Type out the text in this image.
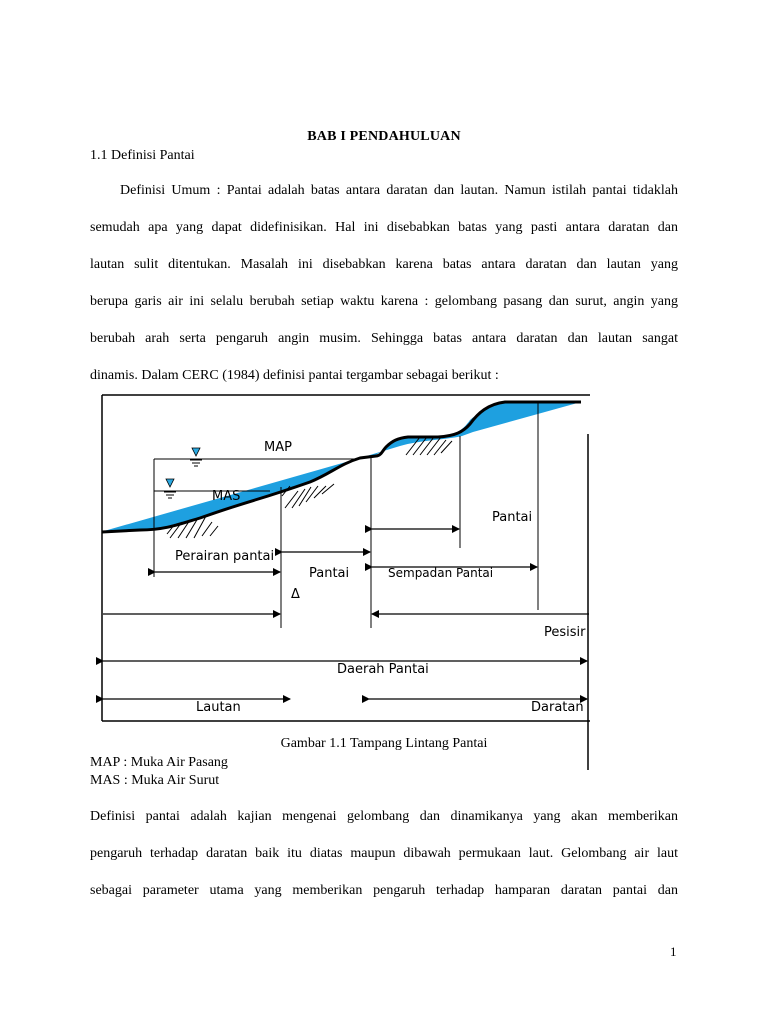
BAB I PENDAHULUAN
1.1 Definisi Pantai
Definisi Umum : Pantai adalah batas antara daratan dan lautan. Namun istilah pantai tidaklah
semudah apa yang dapat didefinisikan. Hal ini disebabkan batas yang pasti antara daratan dan
lautan sulit ditentukan. Masalah ini disebabkan karena batas antara daratan dan lautan yang
berupa garis air ini selalu berubah setiap waktu karena : gelombang pasang dan surut, angin yang
berubah arah serta pengaruh angin musim. Sehingga batas antara daratan dan lautan sangat
dinamis. Dalam CERC (1984) definisi pantai tergambar sebagai berikut :
MAP
MAS
Perairan pantai
Pantai
Δ
Pantai
Sempadan Pantai
Pesisir
Daerah Pantai
Lautan	Daratan
Gambar 1.1 Tampang Lintang Pantai
MAP : Muka Air Pasang
MAS : Muka Air Surut
Definisi pantai adalah kajian mengenai gelombang dan dinamikanya yang akan memberikan
pengaruh terhadap daratan baik itu diatas maupun dibawah permukaan laut. Gelombang air laut
sebagai parameter utama yang memberikan pengaruh terhadap hamparan daratan pantai dan
1
